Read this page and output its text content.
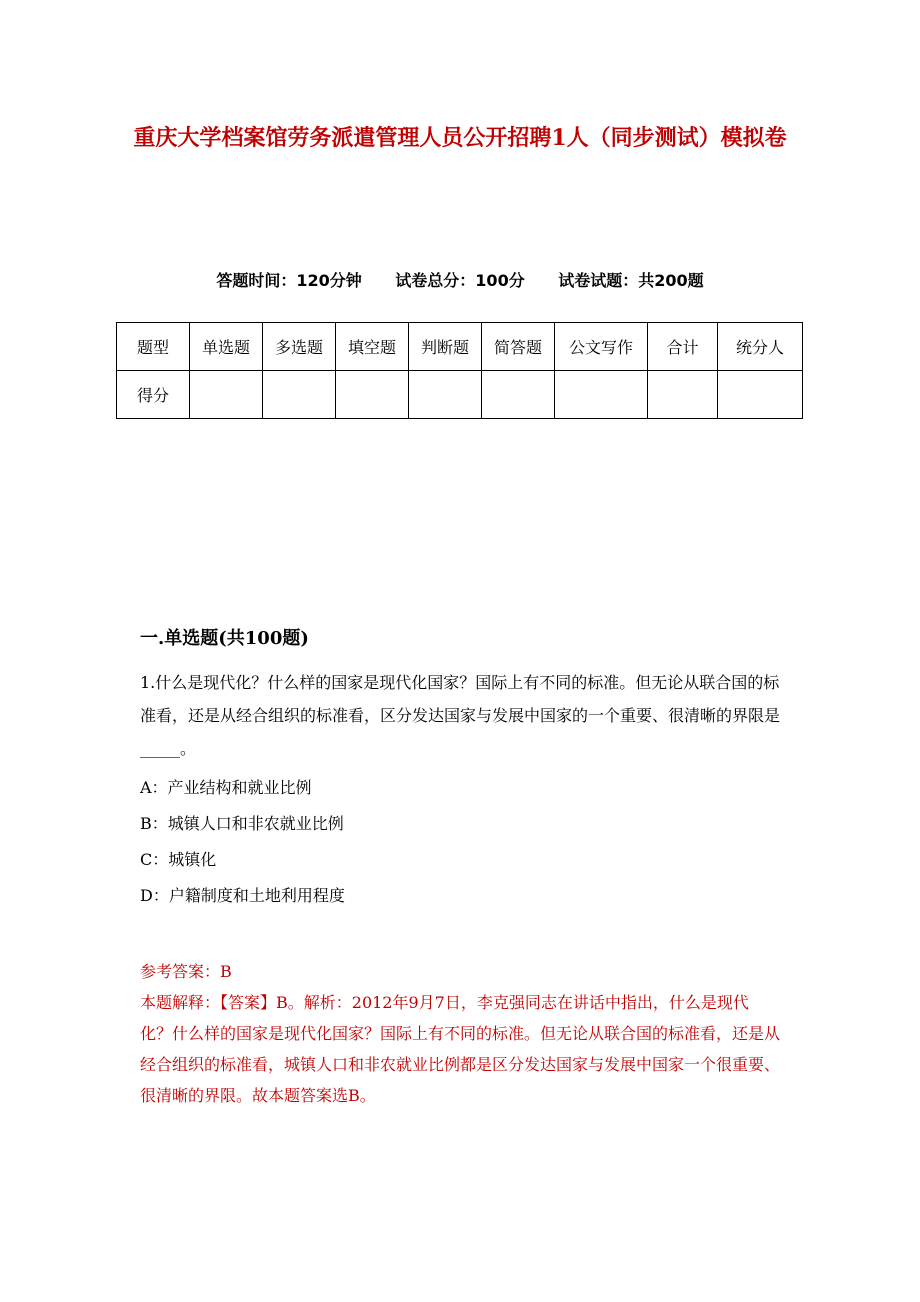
重庆大学档案馆劳务派遣管理人员公开招聘1人（同步测试）模拟卷
答题时间：120分钟 试卷总分：100分 试卷试题：共200题
题型	单选题	多选题	填空题	判断题	简答题	公文写作	合计	统分人
得分								
一.单选题(共100题)
1.什么是现代化？什么样的国家是现代化国家？国际上有不同的标准。但无论从联合国的标准看，还是从经合组织的标准看，区分发达国家与发展中国家的一个重要、很清晰的界限是_____。
A：产业结构和就业比例
B：城镇人口和非农就业比例
C：城镇化
D：户籍制度和土地利用程度
参考答案：B
本题解释：【答案】B。解析：2012年9月7日，李克强同志在讲话中指出，什么是现代化？什么样的国家是现代化国家？国际上有不同的标准。但无论从联合国的标准看，还是从经合组织的标准看，城镇人口和非农就业比例都是区分发达国家与发展中国家一个很重要、很清晰的界限。故本题答案选B。
